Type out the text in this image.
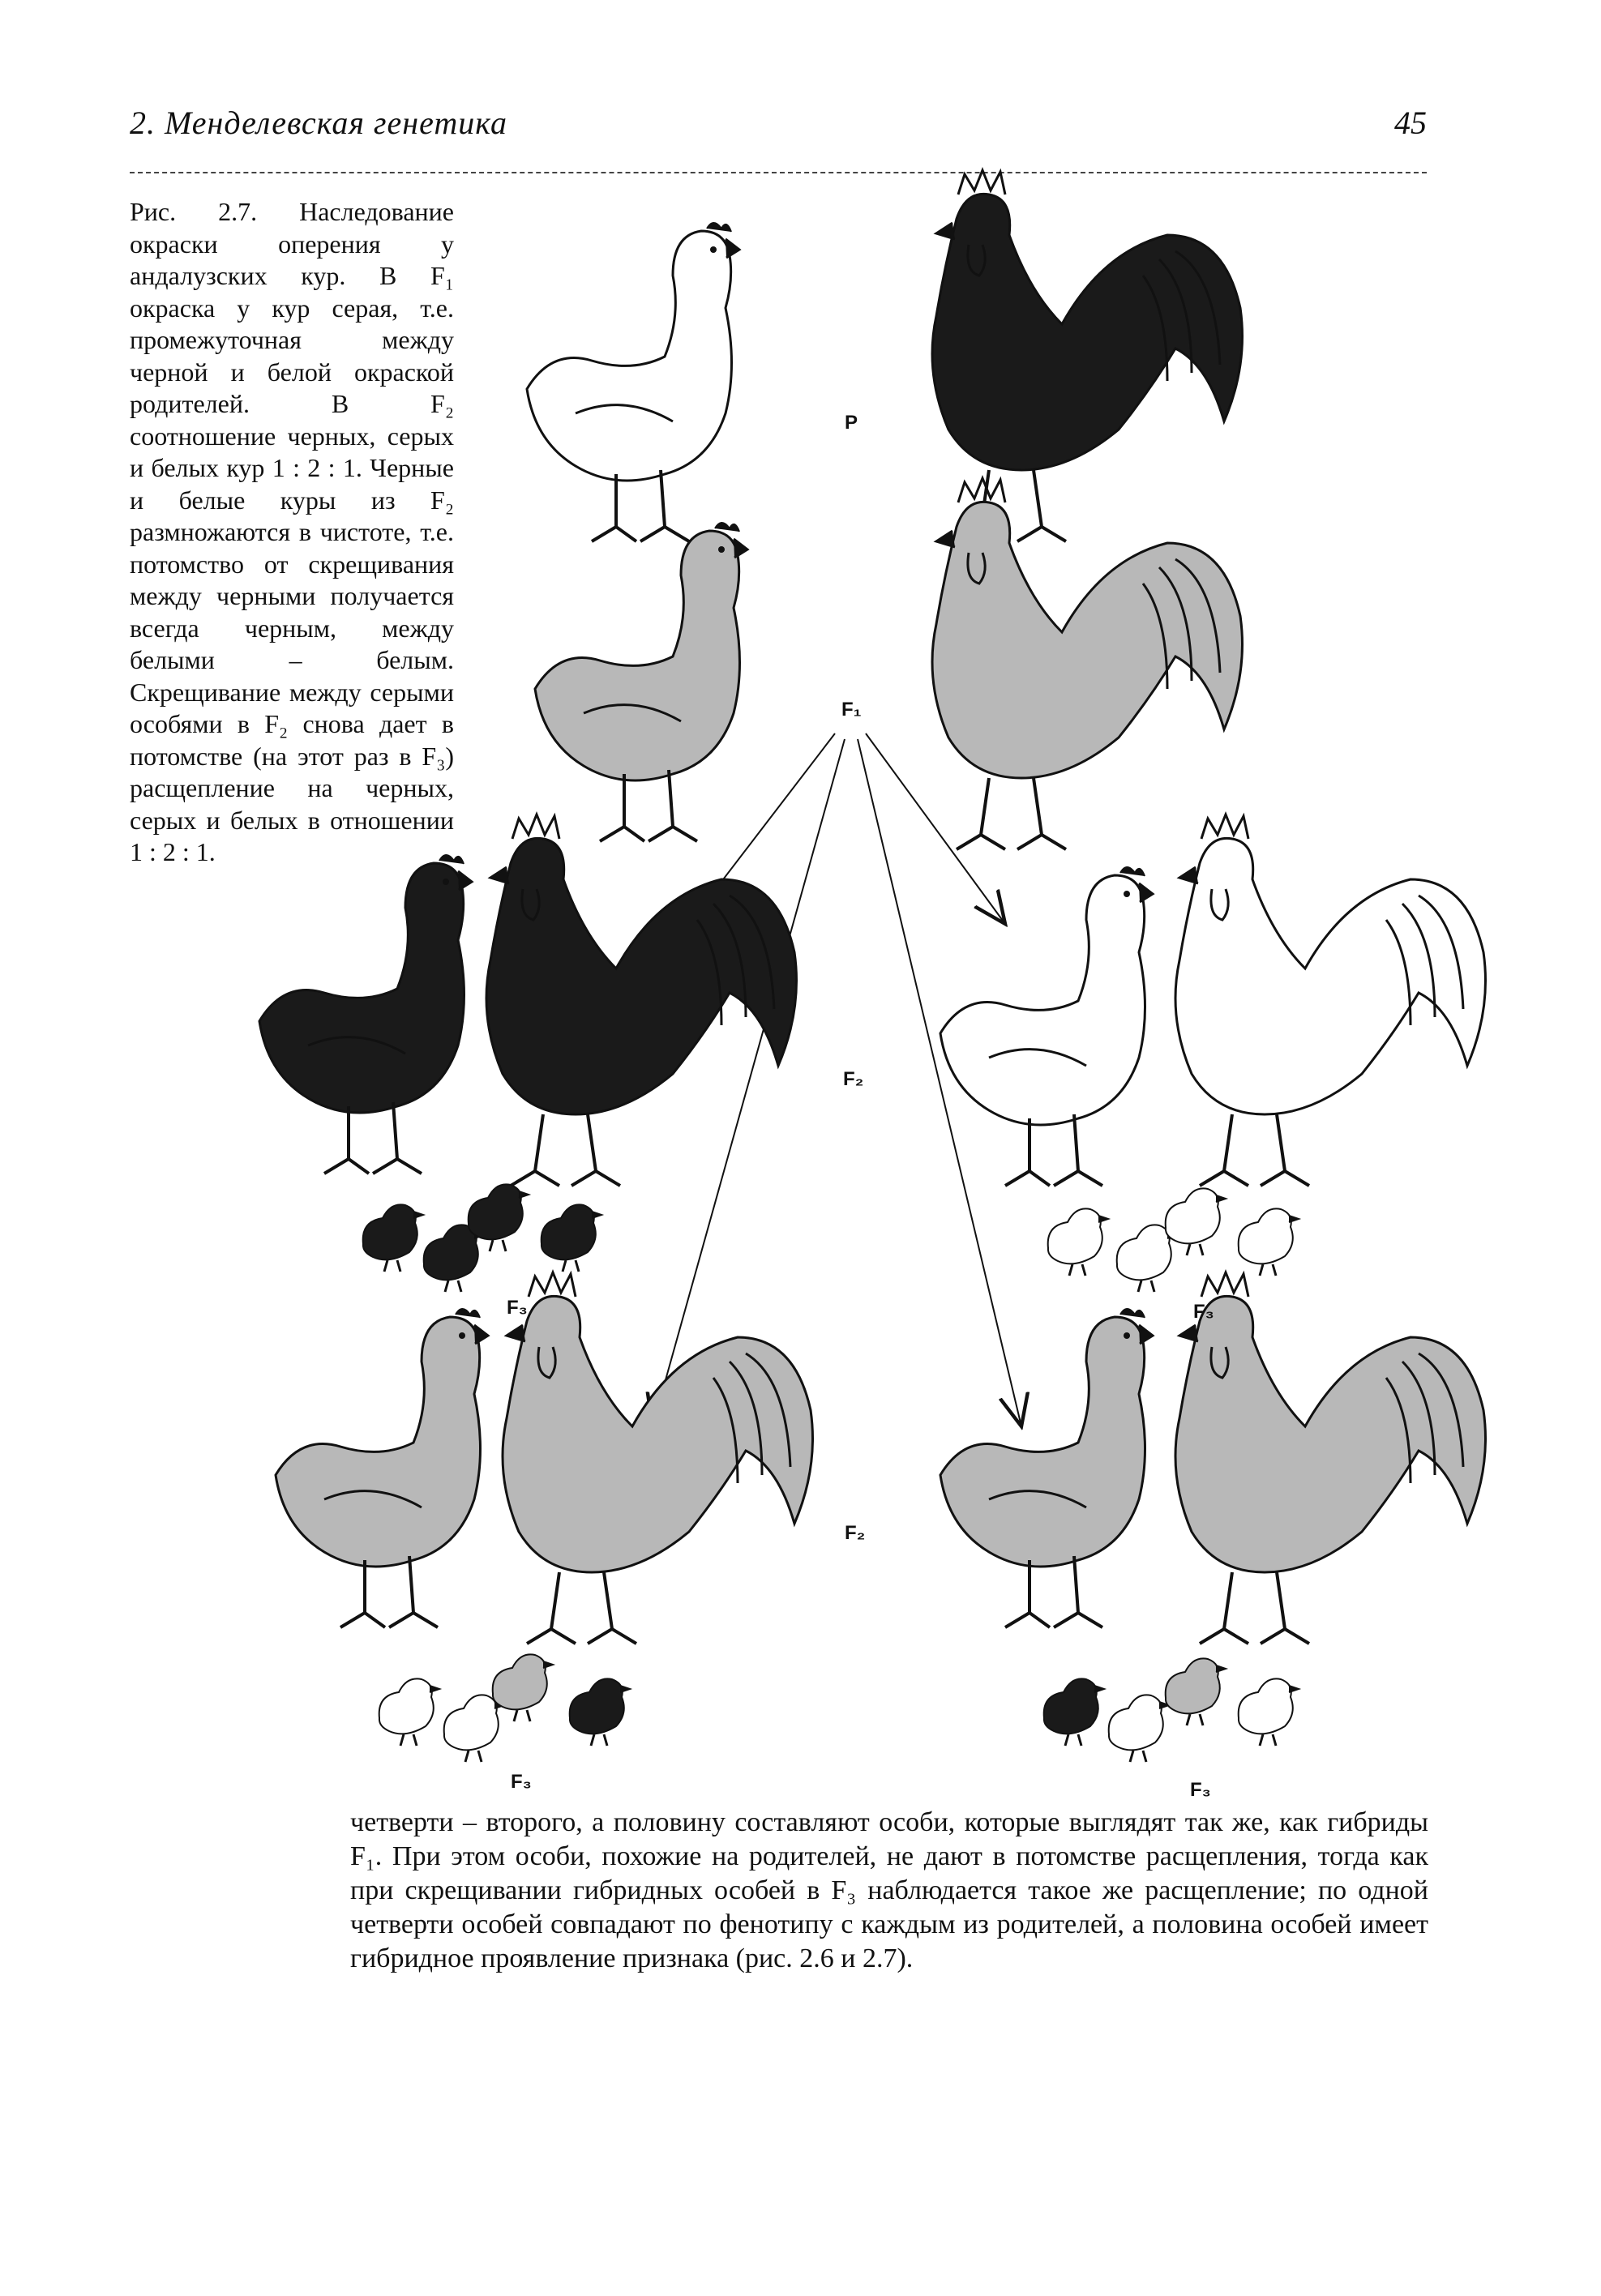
2. Менделевская генетика	45
P
F₁
F₂
F₂
F₃	F₃
F₃	F₃

Рис. 2.7. Наследование окраски оперения у андалузских кур. В F₁ окраска у кур серая, т.е. промежуточная между черной и белой окраской родителей. В F₂ соотношение черных, серых и белых кур 1 : 2 : 1. Черные и белые куры из F₂ размножаются в чистоте, т.е. потомство от скрещивания между черными получается всегда черным, между белыми – белым. Скрещивание между серыми особями в F₂ снова дает в потомстве (на этот раз в F₃) расщепление на черных, серых и белых в отношении 1 : 2 : 1.

четверти – второго, а половину составляют особи, которые выглядят так же, как гибриды F₁. При этом особи, похожие на родителей, не дают в потомстве расщепления, тогда как при скрещивании гибридных особей в F₃ наблюдается такое же расщепление; по одной четверти особей совпадают по фенотипу с каждым из родителей, а половина особей имеет гибридное проявление признака (рис. 2.6 и 2.7).
